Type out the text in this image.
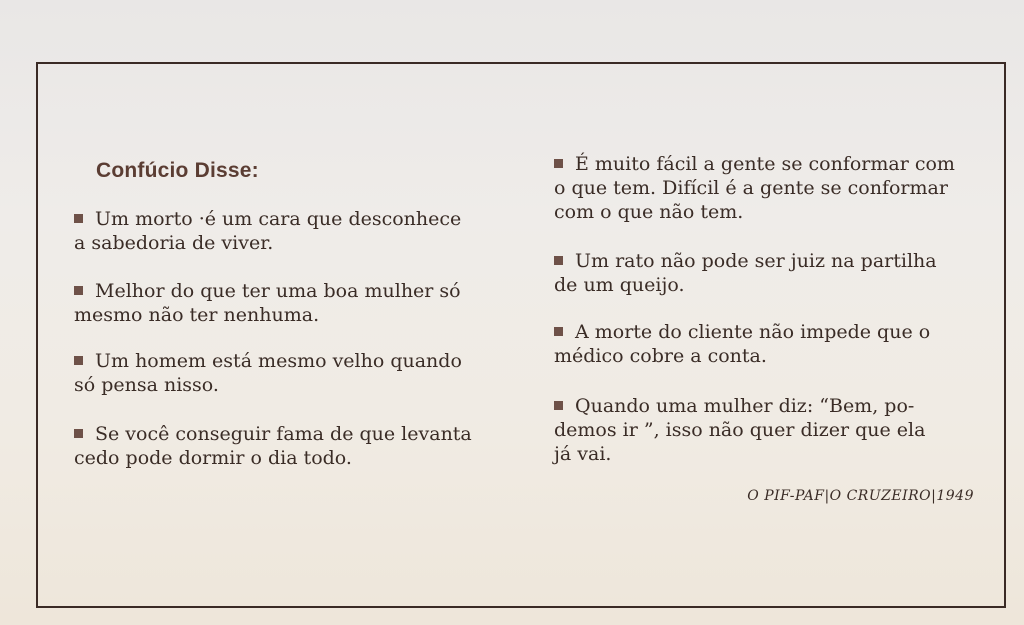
Confúcio Disse:
Um morto ·é um cara que desconhece
a sabedoria de viver.
Melhor do que ter uma boa mulher só
mesmo não ter nenhuma.
Um homem está mesmo velho quando
só pensa nisso.
Se você conseguir fama de que levanta
cedo pode dormir o dia todo.
É muito fácil a gente se conformar com
o que tem. Difícil é a gente se conformar
com o que não tem.
Um rato não pode ser juiz na partilha
de um queijo.
A morte do cliente não impede que o
médico cobre a conta.
Quando uma mulher diz: “Bem, po-
demos ir ”, isso não quer dizer que ela
já vai.
O PIF-PAF|O CRUZEIRO|1949
